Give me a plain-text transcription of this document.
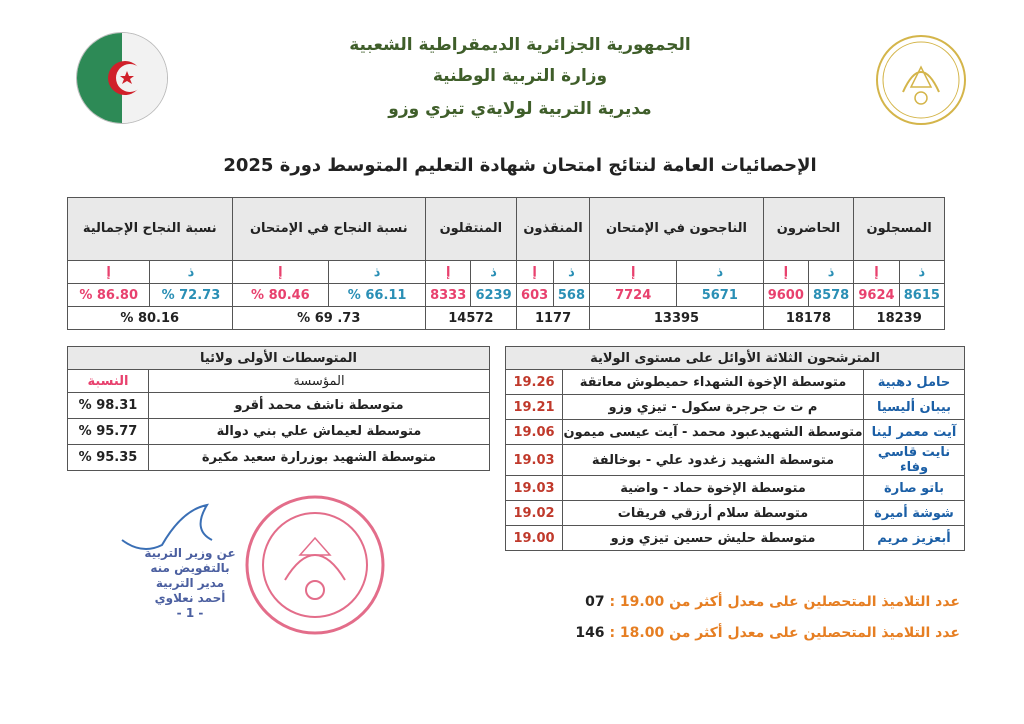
الجمهورية الجزائرية الديمقراطية الشعبية
وزارة التربية الوطنية
مديرية التربية لولايةي تيزي وزو
الإحصائيات العامة لنتائج امتحان شهادة التعليم المتوسط دورة 2025
المسجلون		الحاضرون		الناجحون في الإمتحان		المنقذون		المنتقلون		نسبة النجاح في الإمتحان		نسبة النجاح الإجمالية	
ذ	إ	ذ	إ	ذ	إ	ذ	إ	ذ	إ	ذ	إ	ذ	إ
8615	9624	8578	9600	5671	7724	568	603	6239	8333	66.11 %	80.46 %	72.73 %	86.80 %
18239		18178		13395		1177		14572		73. 69 %		80.16 %	
المتوسطات الأولى ولائيا	
المؤسسة	النسبة
متوسطة ناشف محمد أقرو	98.31 %
متوسطة لعيماش علي بني دوالة	95.77 %
متوسطة الشهيد بوزرارة سعيد مكيرة	95.35 %
المترشحون الثلاثة الأوائل على مستوى الولاية		
حامل دهبية	متوسطة الإخوة الشهداء حميطوش معاتقة	19.26
بيبان أليسيا	م ت ت جرجرة سكول - تيزي وزو	19.21
آيت معمر لينا	متوسطة الشهيدعبود محمد - آيت عيسى ميمون	19.06
نايت قاسي وفاء	متوسطة الشهيد زغدود علي - بوخالفة	19.03
باتو صارة	متوسطة الإخوة حماد - واضية	19.03
شوشة أميرة	متوسطة سلام أرزقي فريقات	19.02
أبعزيز مريم	متوسطة حليش حسين تيزي وزو	19.00
عن وزير التربية
بالتفويض منه
مدير التربية
أحمد نعلاوي
- 1 -
عدد التلاميذ المتحصلين على معدل أكثر من 19.00 : 07
عدد التلاميذ المتحصلين على معدل أكثر من 18.00 : 146
